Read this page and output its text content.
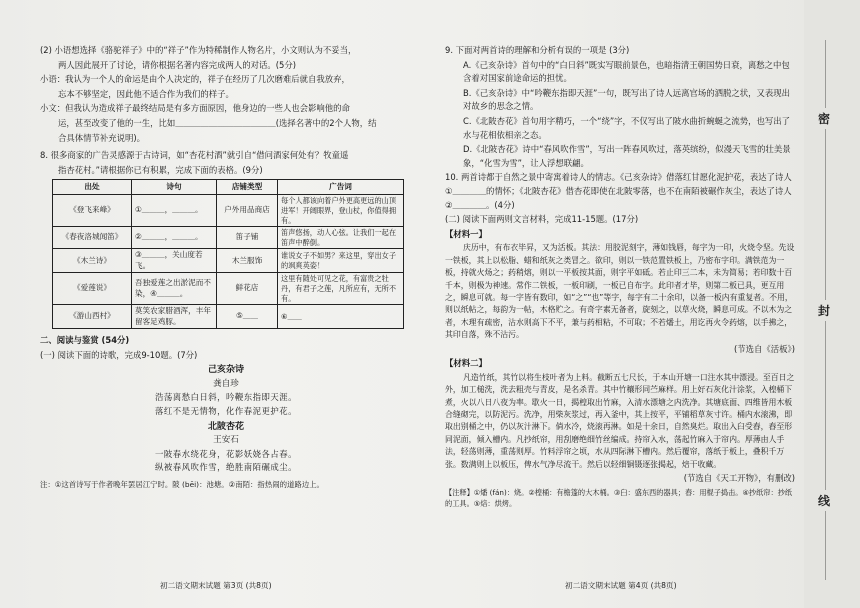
(2) 小语想选择《骆驼祥子》中的“祥子”作为特稀制作人物名片，小文则认为不妥当，

两人因此展开了讨论，请你根据名著内容完成两人的对话。(5分)

小语：我认为一个人的命运是由个人决定的，祥子在经历了几次磨难后就自我放弃，

忘本不够坚定，因此他不适合作为我们的样子。

小文：但我认为造成祥子最终结局是有多方面原因，他身边的一些人也会影响他的命

运，甚至改变了他的一生，比如＿＿＿＿＿＿＿＿＿＿＿＿(选择名著中的2个人物，结

合具体情节补充说明)。

8. 很多商家的广告灵感源于古诗词，如“杏花村酒”就引自“借问酒家何处有？牧童遥

指杏花村。”请根据你已有积累，完成下面的表格。(9分)

出处	诗句	店铺类型	广告词
《登飞来峰》	①＿＿＿，＿＿＿。	户外用品商店	每个人都该向着户外更高更远的山顶进军！开阔眼界，登山杖，你值得拥有。
《春夜洛城闻笛》	②＿＿＿，＿＿＿。	笛子铺	笛声悠扬，动人心弦。让我们一起在笛声中醉倒。
《木兰诗》	③＿＿＿，关山度若飞。	木兰服饰	谁说女子不如男？来这里，穿出女子的飒爽英姿！
《爱莲说》	吾独爱莲之出淤泥而不染，④＿＿＿。	鲜花店	这里有随处可见之花，有富贵之牡丹，有君子之莲，凡所应有，无所不有。
《游山西村》	莫笑农家腊酒浑，丰年留客足鸡豚。	⑤＿＿	⑥＿＿

二、阅读与鉴赏 (54分)

(一) 阅读下面的诗歌，完成9-10题。(7分)

己亥杂诗
龚自珍
浩荡离愁白日斜，吟鞭东指即天涯。
落红不是无情物，化作春泥更护花。
北陂杏花
王安石
一陂春水绕花身，花影妖娆各占春。
纵被春风吹作雪，绝胜南陌碾成尘。

注：①这首诗写于作者晚年罢居江宁时。陂 (bēi)：池塘。②南陌：指热闹的道路边上。

初二语文期末试题 第3页 (共8页)

9. 下面对两首诗的理解和分析有误的一项是 (3分)

A.《己亥杂诗》首句中的“白日斜”既实写眼前景色，也暗指清王朝国势日衰，离愁之中包含着对国家前途命运的担忧。

B.《己亥杂诗》中“吟鞭东指即天涯”一句，既写出了诗人远离官场的洒脱之状，又表现出对故乡的思念之情。

C.《北陂杏花》首句用字精巧，一个“绕”字，不仅写出了陂水曲折蜿蜒之流势，也写出了水与花相依相亲之态。

D.《北陂杏花》诗中“春风吹作雪”，写出一阵春风吹过，落英缤纷，似漫天飞雪的壮美景象，“化雪为雪”，让人浮想联翩。

10. 两首诗都于自然之景中寄寓着诗人的情志。《己亥杂诗》借落红甘愿化泥护花，表达了诗人①＿＿＿＿的情怀；《北陂杏花》借杏花即使在北陂零落，也不在南陌被碾作灰尘，表达了诗人②＿＿＿＿。(4分)

(二) 阅读下面两则文言材料，完成11-15题。(17分)

【材料一】

庆历中，有布衣毕昇，又为活板。其法：用胶泥刻字，薄如钱唇，每字为一印，火烧令坚。先设一铁板，其上以松脂、蜡和纸灰之类冒之。欲印，则以一铁范置铁板上，乃密布字印。满铁范为一板，持就火炀之；药稍熔，则以一平板按其面，则字平如砥。若止印三二本，未为简易；若印数十百千本，则极为神速。常作二铁板，一板印刷，一板已自布字。此印者才毕，则第二板已具，更互用之，瞬息可就。每一字皆有数印，如“之”“也”等字，每字有二十余印，以备一板内有重复者。不用，则以纸帖之，每韵为一帖，木格贮之。有奇字素无备者，旋刻之，以草火烧，瞬息可成。不以木为之者，木理有疏密，沾水则高下不平，兼与药相粘，不可取；不若燔土，用讫再火令药熔，以手拂之，其印自落，殊不沾污。

(节选自《活板》)

【材料二】

凡造竹纸，其竹以将生枝叶者为上料。截断五七尺长，于本山开塘一口注水其中漂浸。至百日之外，加工槌洗，洗去粗壳与青皮，是名杀青。其中竹穰形同苎麻样。用上好石灰化汁涂浆，入楻桶下煮，火以八日八夜为率。歇火一日，揭楻取出竹麻，入清水漂塘之内洗净。其塘底面、四维皆用木板合缝砌完，以防泥污。洗净，用柴灰浆过，再入釜中，其上按平，平铺稻草灰寸许。桶内水滚沸，即取出别桶之中，仍以灰汁淋下。倘水冷，烧滚再淋。如是十余日，自然臭烂。取出入臼受舂，舂至形同泥面，倾入槽内。凡抄纸帘，用刮磨绝细竹丝编成。持帘入水，荡起竹麻入于帘内。厚薄由人手法，轻荡则薄，重荡则厚。竹料浮帘之顷，水从四际淋下槽内。然后覆帘，落纸于板上，叠积千万张。数满则上以板压，俾水气净尽流干。然后以轻细铜镊逐张揭起，焙干收藏。

(节选自《天工开物》，有删改)

【注释】①燔 (fán)：烧。②楻桶：有檐篷的大木桶。③臼：盛东西的器具；舂：用棍子捣击。④抄纸帘：抄纸的工具。⑤焙：烘烤。

初二语文期末试题 第4页 (共8页)
密
封
线
